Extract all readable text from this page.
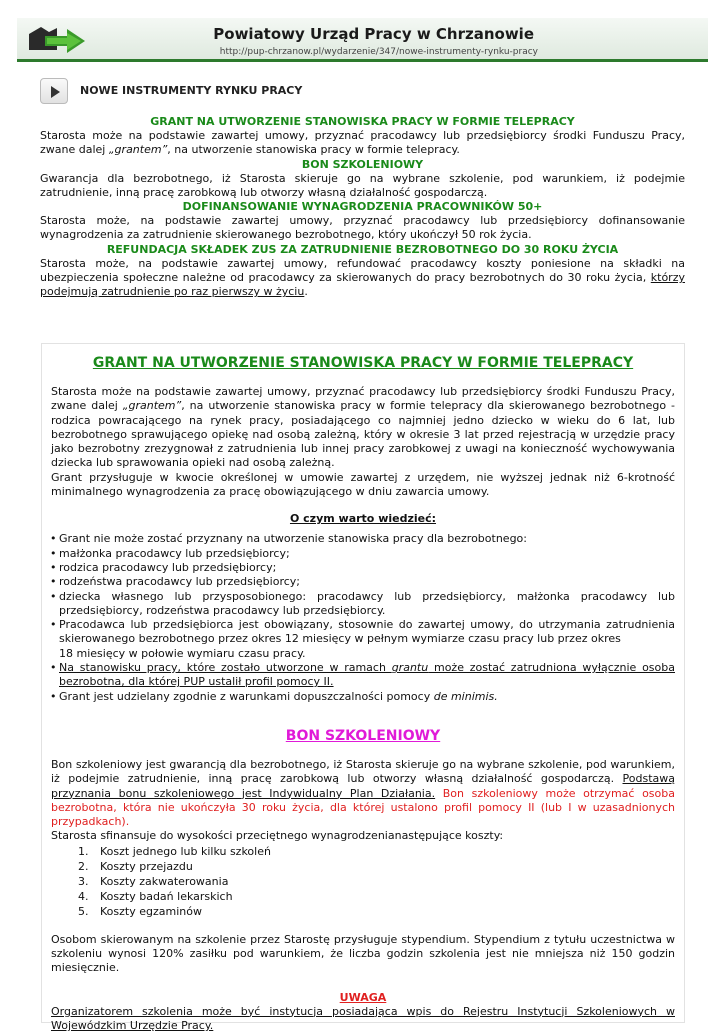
Powiatowy Urząd Pracy w Chrzanowie
http://pup-chrzanow.pl/wydarzenie/347/nowe-instrumenty-rynku-pracy
NOWE INSTRUMENTY RYNKU PRACY
GRANT NA UTWORZENIE STANOWISKA PRACY W FORMIE TELEPRACY

Starosta może na podstawie zawartej umowy, przyznać pracodawcy lub przedsiębiorcy środki Funduszu Pracy, zwane dalej „grantem”, na utworzenie stanowiska pracy w formie telepracy.

BON SZKOLENIOWY

Gwarancja dla bezrobotnego, iż Starosta skieruje go na wybrane szkolenie, pod warunkiem, iż podejmie zatrudnienie, inną pracę zarobkową lub otworzy własną działalność gospodarczą.

DOFINANSOWANIE WYNAGRODZENIA PRACOWNIKÓW 50+

Starosta może, na podstawie zawartej umowy, przyznać pracodawcy lub przedsiębiorcy dofinansowanie wynagrodzenia za zatrudnienie skierowanego bezrobotnego, który ukończył 50 rok życia.

REFUNDACJA SKŁADEK ZUS ZA ZATRUDNIENIE BEZROBOTNEGO DO 30 ROKU ŻYCIA

Starosta może, na podstawie zawartej umowy, refundować pracodawcy koszty poniesione na składki na ubezpieczenia społeczne należne od pracodawcy za skierowanych do pracy bezrobotnych do 30 roku życia, którzy podejmują zatrudnienie po raz pierwszy w życiu.

GRANT NA UTWORZENIE STANOWISKA PRACY W FORMIE TELEPRACY

Starosta może na podstawie zawartej umowy, przyznać pracodawcy lub przedsiębiorcy środki Funduszu Pracy, zwane dalej „grantem”, na utworzenie stanowiska pracy w formie telepracy dla skierowanego bezrobotnego - rodzica powracającego na rynek pracy, posiadającego co najmniej jedno dziecko w wieku do 6 lat, lub bezrobotnego sprawującego opiekę nad osobą zależną, który w okresie 3 lat przed rejestracją w urzędzie pracy jako bezrobotny zrezygnował z zatrudnienia lub innej pracy zarobkowej z uwagi na konieczność wychowywania dziecka lub sprawowania opieki nad osobą zależną.

Grant przysługuje w kwocie określonej w umowie zawartej z urzędem, nie wyższej jednak niż 6-krotność minimalnego wynagrodzenia za pracę obowiązującego w dniu zawarcia umowy.

O czym warto wiedzieć:
• Grant nie może zostać przyznany na utworzenie stanowiska pracy dla bezrobotnego:
• małżonka pracodawcy lub przedsiębiorcy;
• rodzica pracodawcy lub przedsiębiorcy;
• rodzeństwa pracodawcy lub przedsiębiorcy;
• dziecka własnego lub przysposobionego: pracodawcy lub przedsiębiorcy, małżonka pracodawcy lub przedsiębiorcy, rodzeństwa pracodawcy lub przedsiębiorcy.
• Pracodawca lub przedsiębiorca jest obowiązany, stosownie do zawartej umowy, do utrzymania zatrudnienia skierowanego bezrobotnego przez okres 12 miesięcy w pełnym wymiarze czasu pracy lub przez okres
18 miesięcy w połowie wymiaru czasu pracy.
• Na stanowisku pracy, które zostało utworzone w ramach grantu może zostać zatrudniona wyłącznie osoba bezrobotna, dla której PUP ustalił profil pomocy II.
• Grant jest udzielany zgodnie z warunkami dopuszczalności pomocy de minimis.
BON SZKOLENIOWY

Bon szkoleniowy jest gwarancją dla bezrobotnego, iż Starosta skieruje go na wybrane szkolenie, pod warunkiem, iż podejmie zatrudnienie, inną pracę zarobkową lub otworzy własną działalność gospodarczą. Podstawą przyznania bonu szkoleniowego jest Indywidualny Plan Działania. Bon szkoleniowy może otrzymać osoba bezrobotna, która nie ukończyła 30 roku życia, dla której ustalono profil pomocy II (lub I w uzasadnionych przypadkach).

Starosta sfinansuje do wysokości przeciętnego wynagrodzenianastępujące koszty:

1. Koszt jednego lub kilku szkoleń
2. Koszty przejazdu
3. Koszty zakwaterowania
4. Koszty badań lekarskich
5. Koszty egzaminów

Osobom skierowanym na szkolenie przez Starostę przysługuje stypendium. Stypendium z tytułu uczestnictwa w szkoleniu wynosi 120% zasiłku pod warunkiem, że liczba godzin szkolenia jest nie mniejsza niż 150 godzin miesięcznie.

UWAGA

Organizatorem szkolenia może być instytucja posiadająca wpis do Rejestru Instytucji Szkoleniowych w Wojewódzkim Urzędzie Pracy.
